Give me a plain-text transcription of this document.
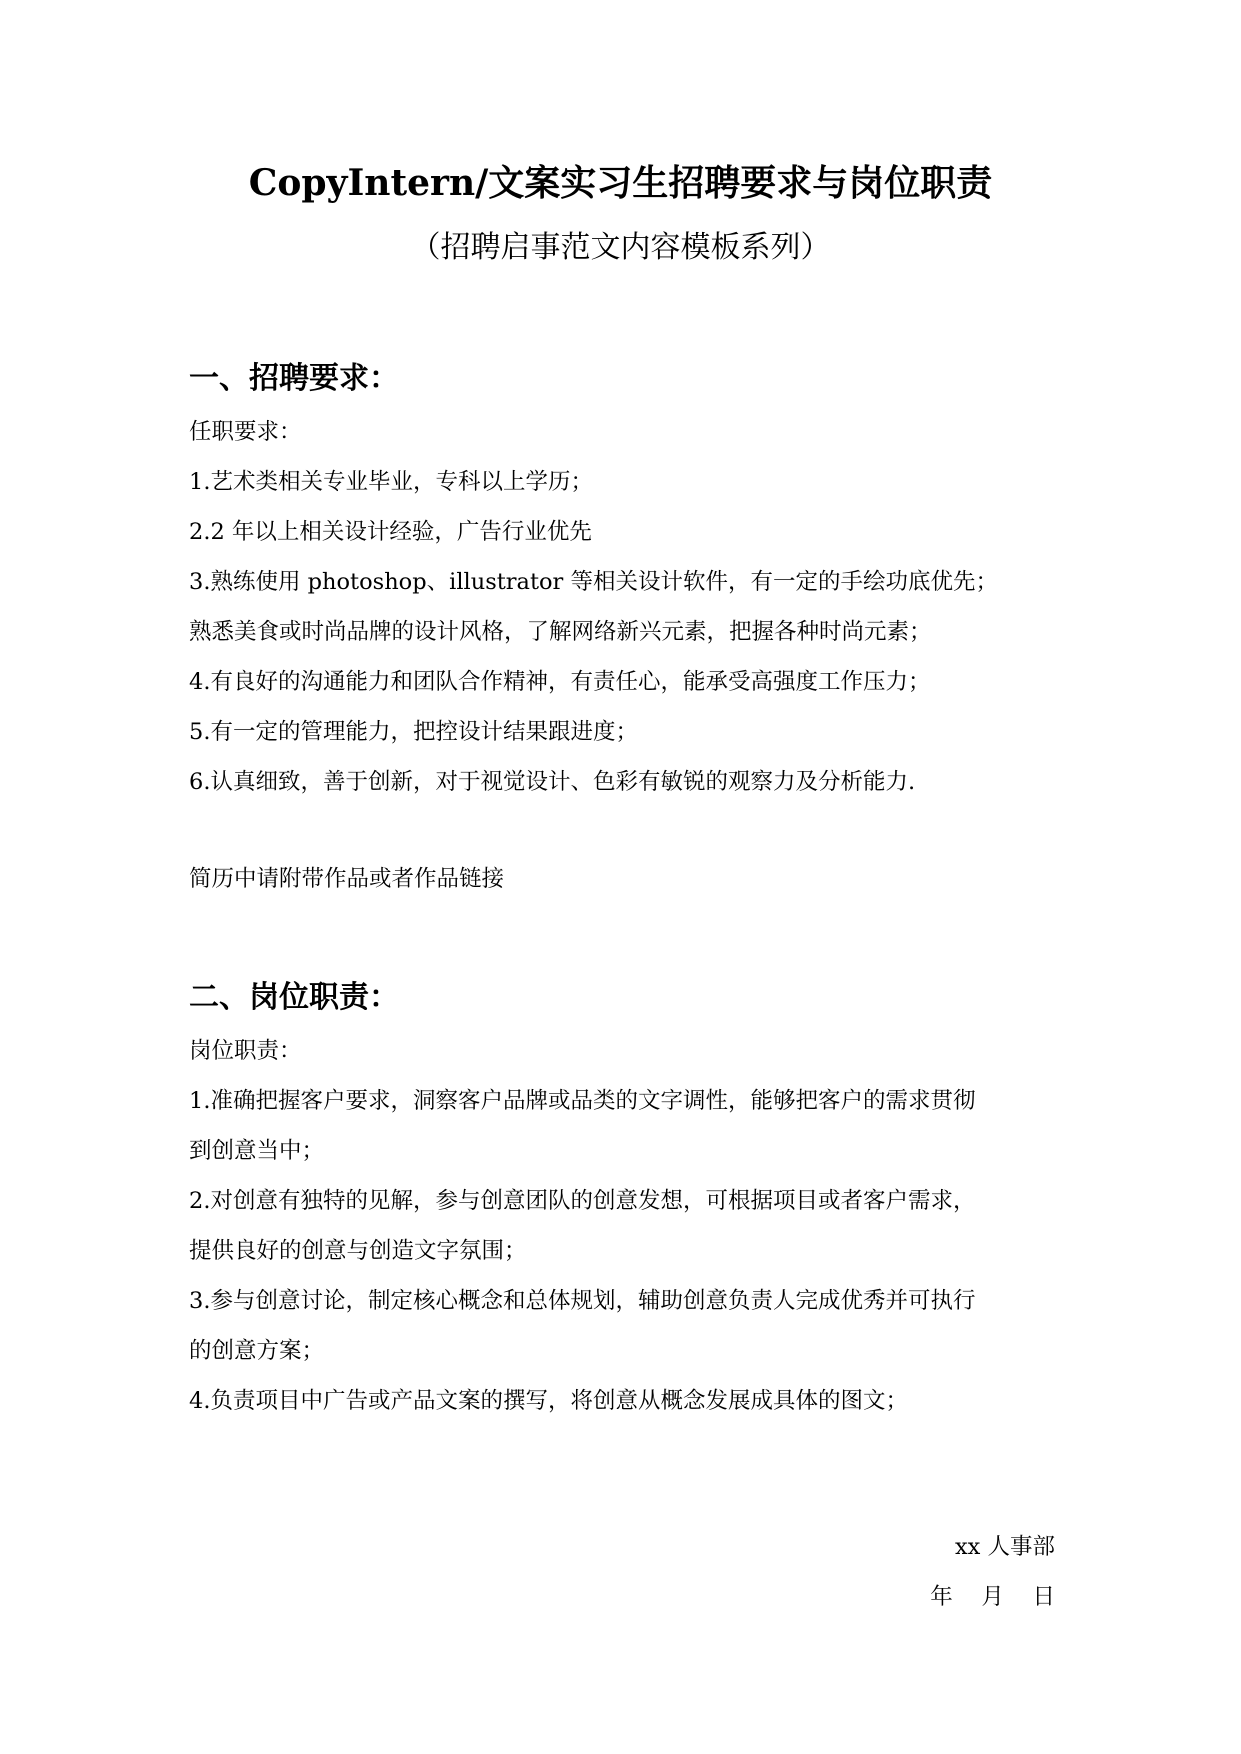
CopyIntern/文案实习生招聘要求与岗位职责
（招聘启事范文内容模板系列）
一、招聘要求：
任职要求：
1.艺术类相关专业毕业，专科以上学历；
2.2 年以上相关设计经验，广告行业优先
3.熟练使用 photoshop、illustrator 等相关设计软件，有一定的手绘功底优先；
熟悉美食或时尚品牌的设计风格，了解网络新兴元素，把握各种时尚元素；
4.有良好的沟通能力和团队合作精神，有责任心，能承受高强度工作压力；
5.有一定的管理能力，把控设计结果跟进度；
6.认真细致，善于创新，对于视觉设计、色彩有敏锐的观察力及分析能力.
简历中请附带作品或者作品链接
二、岗位职责：
岗位职责：
1.准确把握客户要求，洞察客户品牌或品类的文字调性，能够把客户的需求贯彻
到创意当中；
2.对创意有独特的见解，参与创意团队的创意发想，可根据项目或者客户需求，
提供良好的创意与创造文字氛围；
3.参与创意讨论，制定核心概念和总体规划，辅助创意负责人完成优秀并可执行
的创意方案；
4.负责项目中广告或产品文案的撰写，将创意从概念发展成具体的图文；
xx 人事部
年    月    日
